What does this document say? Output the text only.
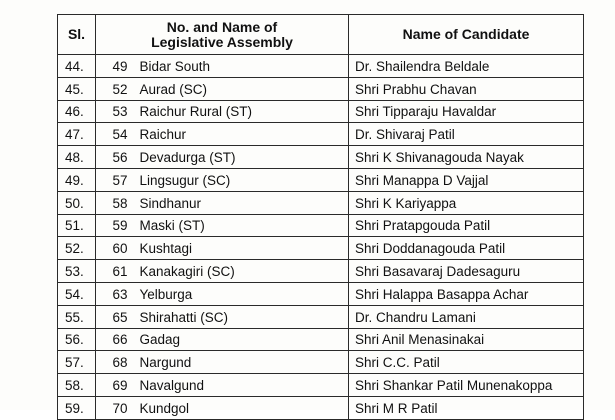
Sl.	No. and Name of
Legislative Assembly		Name of Candidate
44.	49	Bidar South	Dr. Shailendra Beldale
45.	52	Aurad (SC)	Shri Prabhu Chavan
46.	53	Raichur Rural (ST)	Shri Tipparaju Havaldar
47.	54	Raichur	Dr. Shivaraj Patil
48.	56	Devadurga (ST)	Shri K Shivanagouda Nayak
49.	57	Lingsugur (SC)	Shri Manappa D Vajjal
50.	58	Sindhanur	Shri K Kariyappa
51.	59	Maski (ST)	Shri Pratapgouda Patil
52.	60	Kushtagi	Shri Doddanagouda Patil
53.	61	Kanakagiri (SC)	Shri Basavaraj Dadesaguru
54.	63	Yelburga	Shri Halappa Basappa Achar
55.	65	Shirahatti (SC)	Dr. Chandru Lamani
56.	66	Gadag	Shri Anil Menasinakai
57.	68	Nargund	Shri C.C. Patil
58.	69	Navalgund	Shri Shankar Patil Munenakoppa
59.	70	Kundgol	Shri M R Patil
